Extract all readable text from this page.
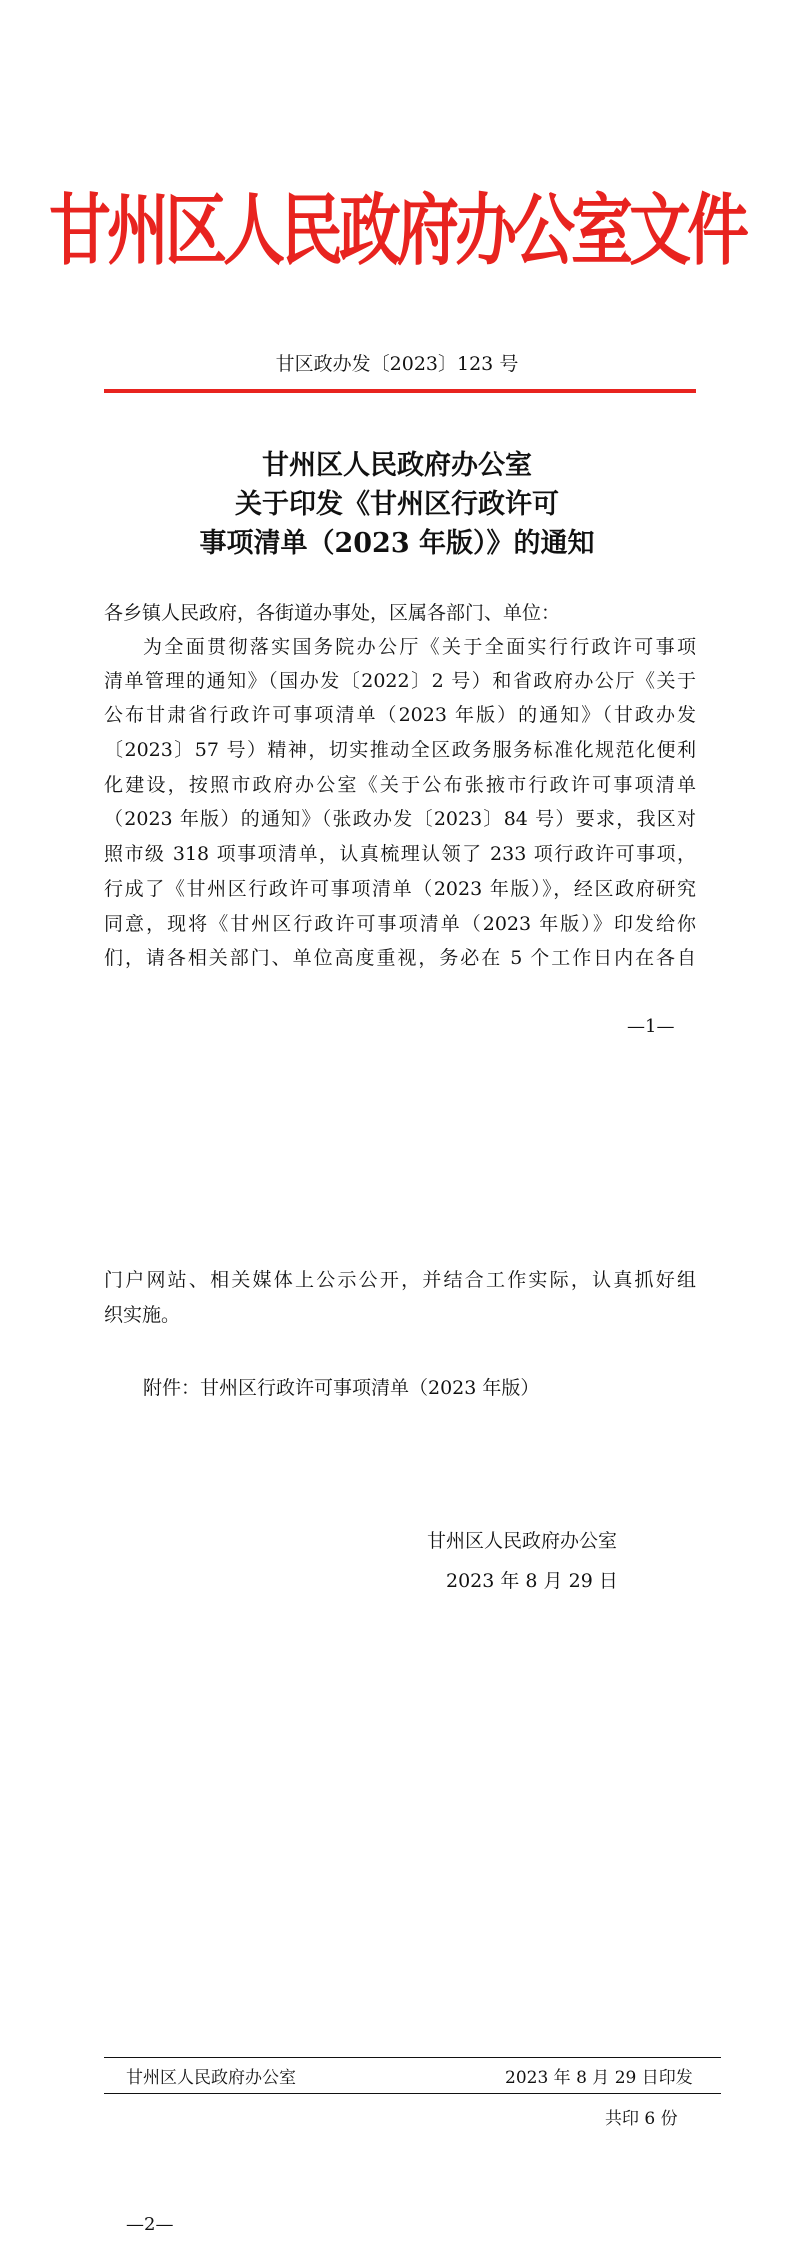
甘州区人民政府办公室文件
甘区政办发〔2023〕123 号
甘州区人民政府办公室
关于印发《甘州区行政许可
事项清单（2023 年版）》的通知
各乡镇人民政府，各街道办事处，区属各部门、单位：
为全面贯彻落实国务院办公厅《关于全面实行行政许可事项
清单管理的通知》（国办发〔2022〕2 号）和省政府办公厅《关于
公布甘肃省行政许可事项清单（2023 年版）的通知》（甘政办发
〔2023〕57 号）精神，切实推动全区政务服务标准化规范化便利
化建设，按照市政府办公室《关于公布张掖市行政许可事项清单
（2023 年版）的通知》（张政办发〔2023〕84 号）要求，我区对
照市级 318 项事项清单，认真梳理认领了 233 项行政许可事项，
行成了《甘州区行政许可事项清单（2023 年版）》，经区政府研究
同意，现将《甘州区行政许可事项清单（2023 年版）》印发给你
们，请各相关部门、单位高度重视，务必在 5 个工作日内在各自
—1—
门户网站、相关媒体上公示公开，并结合工作实际，认真抓好组
织实施。
附件：甘州区行政许可事项清单（2023 年版）
甘州区人民政府办公室
2023 年 8 月 29 日
甘州区人民政府办公室	2023 年 8 月 29 日印发
共印 6 份
—2—
